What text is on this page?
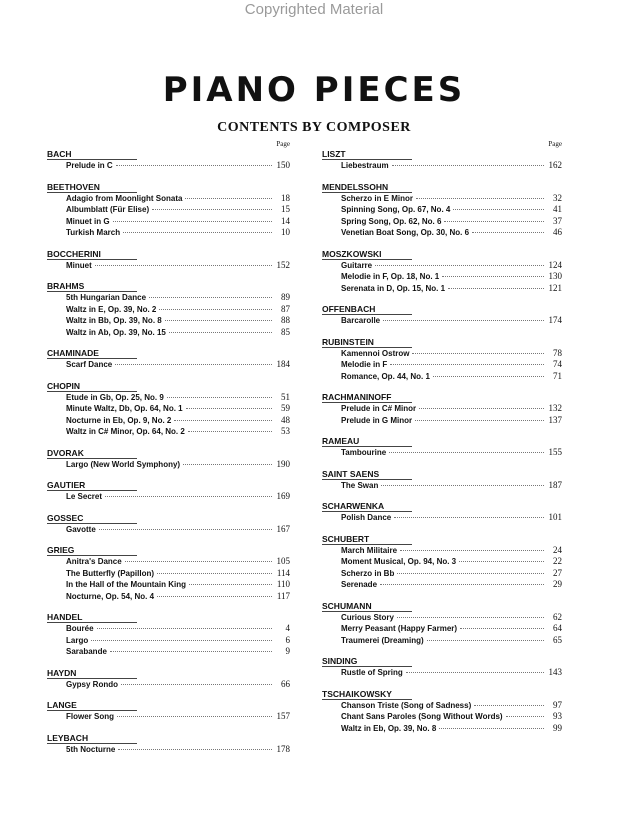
Copyrighted Material
PIANO PIECES
CONTENTS BY COMPOSER
Page
BACH
Prelude in C	150
BEETHOVEN
Adagio from Moonlight Sonata	18
Albumblatt (Für Elise)	15
Minuet in G	14
Turkish March	10
BOCCHERINI
Minuet	152
BRAHMS
5th Hungarian Dance	89
Waltz in E, Op. 39, No. 2	87
Waltz in Bb, Op. 39, No. 8	88
Waltz in Ab, Op. 39, No. 15	85
CHAMINADE
Scarf Dance	184
CHOPIN
Etude in Gb, Op. 25, No. 9	51
Minute Waltz, Db, Op. 64, No. 1	59
Nocturne in Eb, Op. 9, No. 2	48
Waltz in C# Minor, Op. 64, No. 2	53
DVORAK
Largo (New World Symphony)	190
GAUTIER
Le Secret	169
GOSSEC
Gavotte	167
GRIEG
Anitra's Dance	105
The Butterfly (Papillon)	114
In the Hall of the Mountain King	110
Nocturne, Op. 54, No. 4	117
HANDEL
Bourée	4
Largo	6
Sarabande	9
HAYDN
Gypsy Rondo	66
LANGE
Flower Song	157
LEYBACH
5th Nocturne	178
Page
LISZT
Liebestraum	162
MENDELSSOHN
Scherzo in E Minor	32
Spinning Song, Op. 67, No. 4	41
Spring Song, Op. 62, No. 6	37
Venetian Boat Song, Op. 30, No. 6	46
MOSZKOWSKI
Guitarre	124
Melodie in F, Op. 18, No. 1	130
Serenata in D, Op. 15, No. 1	121
OFFENBACH
Barcarolle	174
RUBINSTEIN
Kamennoi Ostrow	78
Melodie in F	74
Romance, Op. 44, No. 1	71
RACHMANINOFF
Prelude in C# Minor	132
Prelude in G Minor	137
RAMEAU
Tambourine	155
SAINT SAENS
The Swan	187
SCHARWENKA
Polish Dance	101
SCHUBERT
March Militaire	24
Moment Musical, Op. 94, No. 3	22
Scherzo in Bb	27
Serenade	29
SCHUMANN
Curious Story	62
Merry Peasant (Happy Farmer)	64
Traumerei (Dreaming)	65
SINDING
Rustle of Spring	143
TSCHAIKOWSKY
Chanson Triste (Song of Sadness)	97
Chant Sans Paroles (Song Without Words)	93
Waltz in Eb, Op. 39, No. 8	99
